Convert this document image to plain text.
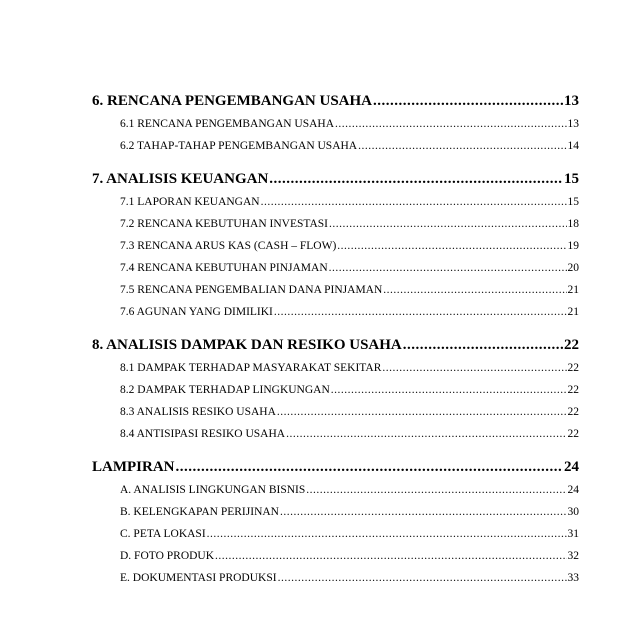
6. RENCANA PENGEMBANGAN USAHA .....	13
6.1 RENCANA PENGEMBANGAN USAHA .....	13
6.2 TAHAP-TAHAP PENGEMBANGAN USAHA .....	14
7. ANALISIS KEUANGAN .....	15
7.1 LAPORAN KEUANGAN .....	15
7.2 RENCANA KEBUTUHAN INVESTASI .....	18
7.3 RENCANA ARUS KAS (CASH – FLOW) .....	19
7.4 RENCANA KEBUTUHAN PINJAMAN .....	20
7.5 RENCANA PENGEMBALIAN DANA PINJAMAN .....	21
7.6 AGUNAN YANG DIMILIKI .....	21
8. ANALISIS DAMPAK DAN RESIKO USAHA .....	22
8.1 DAMPAK TERHADAP MASYARAKAT SEKITAR .....	22
8.2 DAMPAK TERHADAP LINGKUNGAN .....	22
8.3 ANALISIS RESIKO USAHA .....	22
8.4 ANTISIPASI RESIKO USAHA .....	22
LAMPIRAN .....	24
A. ANALISIS LINGKUNGAN BISNIS .....	24
B. KELENGKAPAN PERIJINAN .....	30
C. PETA LOKASI .....	31
D. FOTO PRODUK .....	32
E. DOKUMENTASI PRODUKSI .....	33
